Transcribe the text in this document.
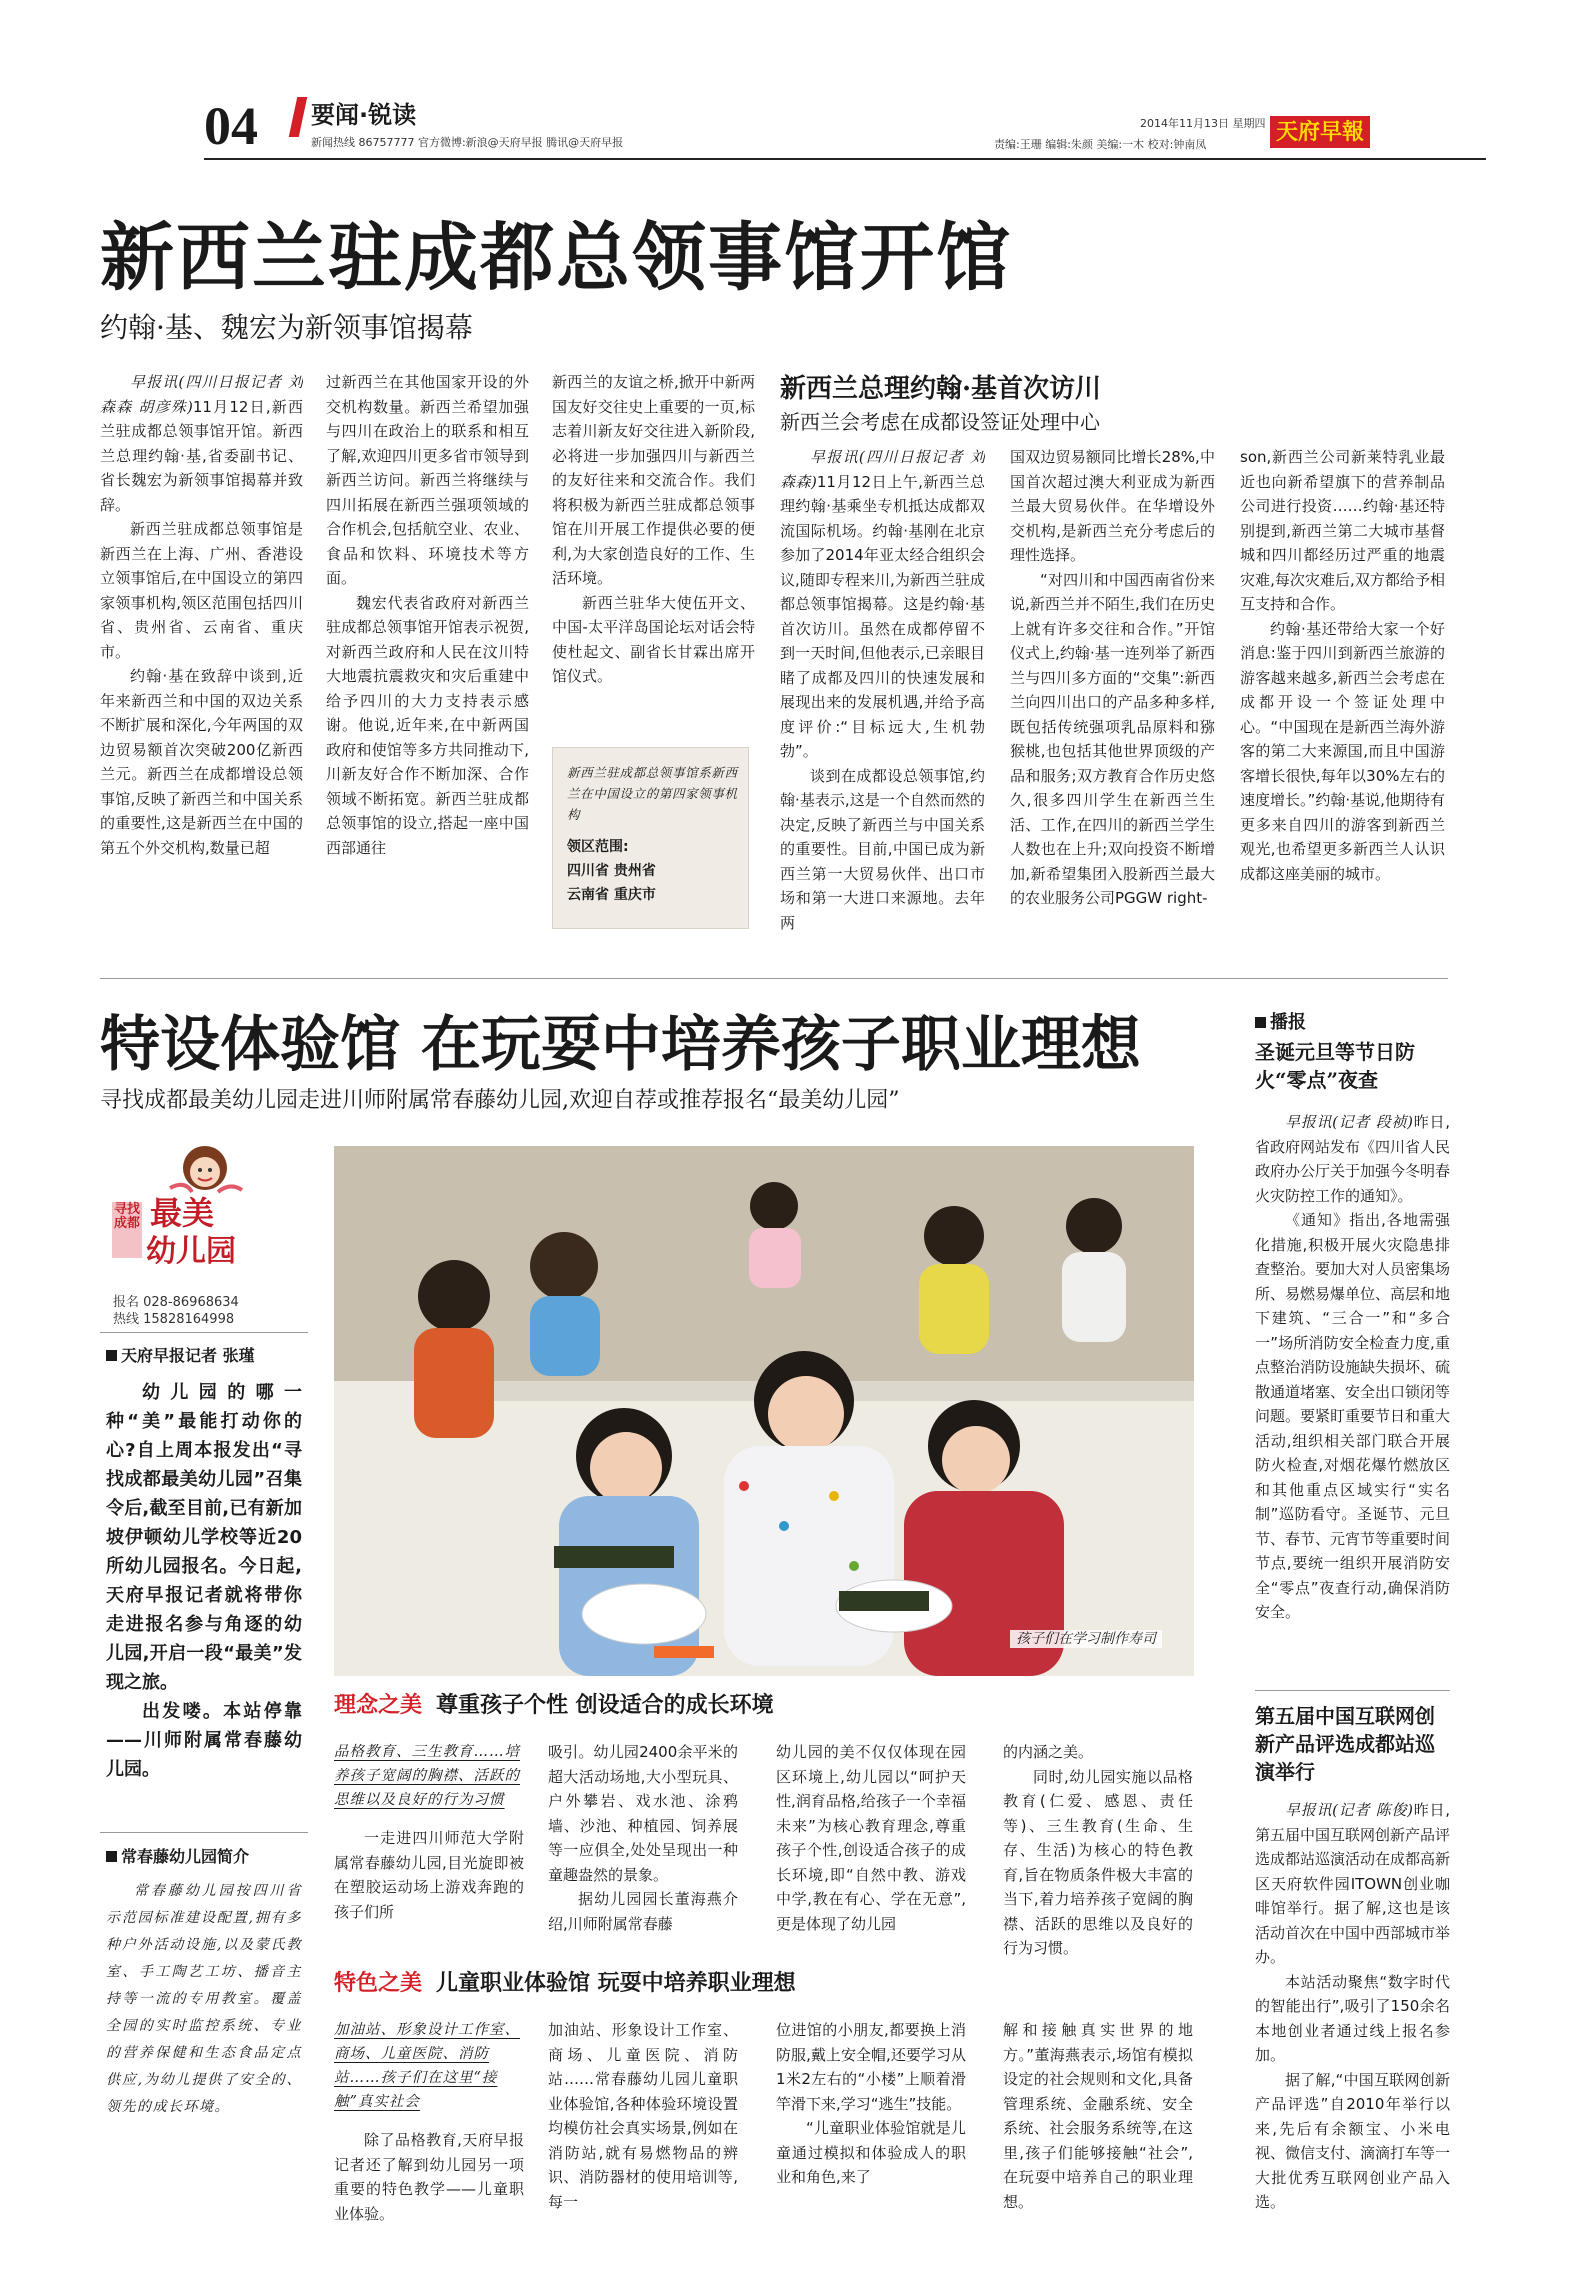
04 要闻·锐读
新闻热线 86757777 官方微博:新浪@天府早报 腾讯@天府早报
2014年11月13日 星期四 天府早報
责编:王珊 编辑:朱颜 美编:一木 校对:钟南凤
新西兰驻成都总领事馆开馆
约翰·基、魏宏为新领事馆揭幕

早报讯(四川日报记者 刘森森 胡彦殊)11月12日,新西兰驻成都总领事馆开馆。新西兰总理约翰·基,省委副书记、省长魏宏为新领事馆揭幕并致辞。

新西兰驻成都总领事馆是新西兰在上海、广州、香港设立领事馆后,在中国设立的第四家领事机构,领区范围包括四川省、贵州省、云南省、重庆市。

约翰·基在致辞中谈到,近年来新西兰和中国的双边关系不断扩展和深化,今年两国的双边贸易额首次突破200亿新西兰元。新西兰在成都增设总领事馆,反映了新西兰和中国关系的重要性,这是新西兰在中国的第五个外交机构,数量已超

过新西兰在其他国家开设的外交机构数量。新西兰希望加强与四川在政治上的联系和相互了解,欢迎四川更多省市领导到新西兰访问。新西兰将继续与四川拓展在新西兰强项领域的合作机会,包括航空业、农业、食品和饮料、环境技术等方面。

魏宏代表省政府对新西兰驻成都总领事馆开馆表示祝贺,对新西兰政府和人民在汶川特大地震抗震救灾和灾后重建中给予四川的大力支持表示感谢。他说,近年来,在中新两国政府和使馆等多方共同推动下,川新友好合作不断加深、合作领域不断拓宽。新西兰驻成都总领事馆的设立,搭起一座中国西部通往

新西兰的友谊之桥,掀开中新两国友好交往史上重要的一页,标志着川新友好交往进入新阶段,必将进一步加强四川与新西兰的友好往来和交流合作。我们将积极为新西兰驻成都总领事馆在川开展工作提供必要的便利,为大家创造良好的工作、生活环境。

新西兰驻华大使伍开文、中国-太平洋岛国论坛对话会特使杜起文、副省长甘霖出席开馆仪式。

新西兰驻成都总领事馆系新西兰在中国设立的第四家领事机构
领区范围:
四川省 贵州省
云南省 重庆市
新西兰总理约翰·基首次访川
新西兰会考虑在成都设签证处理中心

早报讯(四川日报记者 刘森森)11月12日上午,新西兰总理约翰·基乘坐专机抵达成都双流国际机场。约翰·基刚在北京参加了2014年亚太经合组织会议,随即专程来川,为新西兰驻成都总领事馆揭幕。这是约翰·基首次访川。虽然在成都停留不到一天时间,但他表示,已亲眼目睹了成都及四川的快速发展和展现出来的发展机遇,并给予高度评价:“目标远大,生机勃勃”。

谈到在成都设总领事馆,约翰·基表示,这是一个自然而然的决定,反映了新西兰与中国关系的重要性。目前,中国已成为新西兰第一大贸易伙伴、出口市场和第一大进口来源地。去年两

国双边贸易额同比增长28%,中国首次超过澳大利亚成为新西兰最大贸易伙伴。在华增设外交机构,是新西兰充分考虑后的理性选择。

“对四川和中国西南省份来说,新西兰并不陌生,我们在历史上就有许多交往和合作。”开馆仪式上,约翰·基一连列举了新西兰与四川多方面的“交集”:新西兰向四川出口的产品多种多样,既包括传统强项乳品原料和猕猴桃,也包括其他世界顶级的产品和服务;双方教育合作历史悠久,很多四川学生在新西兰生活、工作,在四川的新西兰学生人数也在上升;双向投资不断增加,新希望集团入股新西兰最大的农业服务公司PGGW right-

son,新西兰公司新莱特乳业最近也向新希望旗下的营养制品公司进行投资……约翰·基还特别提到,新西兰第二大城市基督城和四川都经历过严重的地震灾难,每次灾难后,双方都给予相互支持和合作。

约翰·基还带给大家一个好消息:鉴于四川到新西兰旅游的游客越来越多,新西兰会考虑在成都开设一个签证处理中心。“中国现在是新西兰海外游客的第二大来源国,而且中国游客增长很快,每年以30%左右的速度增长。”约翰·基说,他期待有更多来自四川的游客到新西兰观光,也希望更多新西兰人认识成都这座美丽的城市。

特设体验馆 在玩耍中培养孩子职业理想
寻找成都最美幼儿园走进川师附属常春藤幼儿园,欢迎自荐或推荐报名“最美幼儿园”
寻找成都 最美
幼儿园
报名 028-86968634
热线 15828164998
天府早报记者 张瑾

幼儿园的哪一种“美”最能打动你的心?自上周本报发出“寻找成都最美幼儿园”召集令后,截至目前,已有新加坡伊顿幼儿学校等近20所幼儿园报名。今日起,天府早报记者就将带你走进报名参与角逐的幼儿园,开启一段“最美”发现之旅。

出发喽。本站停靠——川师附属常春藤幼儿园。

常春藤幼儿园简介

常春藤幼儿园按四川省示范园标准建设配置,拥有多种户外活动设施,以及蒙氏教室、手工陶艺工坊、播音主持等一流的专用教室。覆盖全园的实时监控系统、专业的营养保健和生态食品定点供应,为幼儿提供了安全的、领先的成长环境。

孩子们在学习制作寿司
理念之美 尊重孩子个性 创设适合的成长环境
品格教育、三生教育……培养孩子宽阔的胸襟、活跃的思维以及良好的行为习惯

一走进四川师范大学附属常春藤幼儿园,目光旋即被在塑胶运动场上游戏奔跑的孩子们所

吸引。幼儿园2400余平米的超大活动场地,大小型玩具、户外攀岩、戏水池、涂鸦墙、沙池、种植园、饲养展等一应俱全,处处呈现出一种童趣盎然的景象。

据幼儿园园长董海燕介绍,川师附属常春藤

幼儿园的美不仅仅体现在园区环境上,幼儿园以“呵护天性,润育品格,给孩子一个幸福未来”为核心教育理念,尊重孩子个性,创设适合孩子的成长环境,即“自然中教、游戏中学,教在有心、学在无意”,更是体现了幼儿园

的内涵之美。

同时,幼儿园实施以品格教育(仁爱、感恩、责任等)、三生教育(生命、生存、生活)为核心的特色教育,旨在物质条件极大丰富的当下,着力培养孩子宽阔的胸襟、活跃的思维以及良好的行为习惯。

特色之美 儿童职业体验馆 玩耍中培养职业理想
加油站、形象设计工作室、商场、儿童医院、消防站……孩子们在这里“接触”真实社会

除了品格教育,天府早报记者还了解到幼儿园另一项重要的特色教学——儿童职业体验。

加油站、形象设计工作室、商场、儿童医院、消防站……常春藤幼儿园儿童职业体验馆,各种体验环境设置均模仿社会真实场景,例如在消防站,就有易燃物品的辨识、消防器材的使用培训等,每一

位进馆的小朋友,都要换上消防服,戴上安全帽,还要学习从1米2左右的“小楼”上顺着滑竿滑下来,学习“逃生”技能。

“儿童职业体验馆就是儿童通过模拟和体验成人的职业和角色,来了

解和接触真实世界的地方。”董海燕表示,场馆有模拟设定的社会规则和文化,具备管理系统、金融系统、安全系统、社会服务系统等,在这里,孩子们能够接触“社会”,在玩耍中培养自己的职业理想。

播报
圣诞元旦等节日防火“零点”夜查

早报讯(记者 段祯)昨日,省政府网站发布《四川省人民政府办公厅关于加强今冬明春火灾防控工作的通知》。

《通知》指出,各地需强化措施,积极开展火灾隐患排查整治。要加大对人员密集场所、易燃易爆单位、高层和地下建筑、“三合一”和“多合一”场所消防安全检查力度,重点整治消防设施缺失损坏、硫散通道堵塞、安全出口锁闭等问题。要紧盯重要节日和重大活动,组织相关部门联合开展防火检查,对烟花爆竹燃放区和其他重点区域实行“实名制”巡防看守。圣诞节、元旦节、春节、元宵节等重要时间节点,要统一组织开展消防安全“零点”夜查行动,确保消防安全。

第五届中国互联网创新产品评选成都站巡演举行

早报讯(记者 陈俊)昨日,第五届中国互联网创新产品评选成都站巡演活动在成都高新区天府软件园ITOWN创业咖啡馆举行。据了解,这也是该活动首次在中国中西部城市举办。

本站活动聚焦“数字时代的智能出行”,吸引了150余名本地创业者通过线上报名参加。

据了解,“中国互联网创新产品评选”自2010年举行以来,先后有余额宝、小米电视、微信支付、滴滴打车等一大批优秀互联网创业产品入选。
